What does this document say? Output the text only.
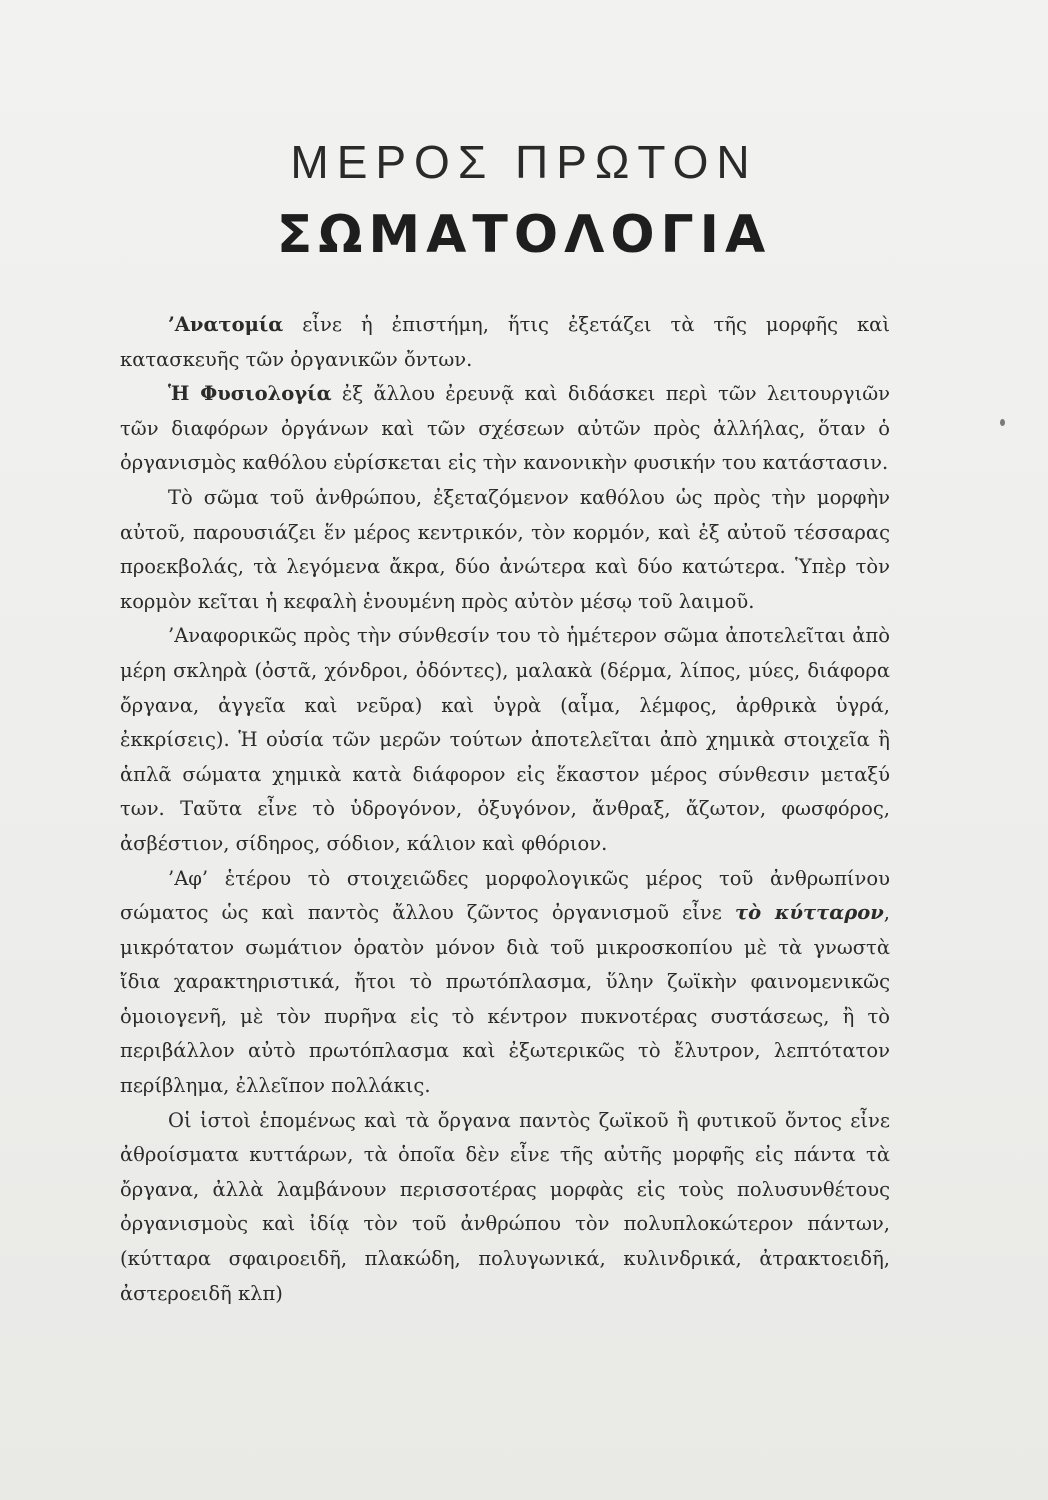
ΜΕΡΟΣ ΠΡΩΤΟΝ
ΣΩΜΑΤΟΛΟΓΙΑ

’Ανατομία εἶνε ἡ ἐπιστήμη, ἥτις ἐξετάζει τὰ τῆς μορφῆς καὶ κατασκευῆς τῶν ὀργανικῶν ὄντων.

Ἡ Φυσιολογία ἐξ ἄλλου ἐρευνᾷ καὶ διδάσκει περὶ τῶν λειτουργιῶν τῶν διαφόρων ὀργάνων καὶ τῶν σχέσεων αὐτῶν πρὸς ἀλλήλας, ὅταν ὁ ὀργανισμὸς καθόλου εὑρίσκεται εἰς τὴν κανονικὴν φυσικήν του κατάστασιν.

Τὸ σῶμα τοῦ ἀνθρώπου, ἐξεταζόμενον καθόλου ὡς πρὸς τὴν μορφὴν αὐτοῦ, παρουσιάζει ἕν μέρος κεντρικόν, τὸν κορμόν, καὶ ἐξ αὐτοῦ τέσσαρας προεκβολάς, τὰ λεγόμενα ἄκρα, δύο ἀνώτερα καὶ δύο κατώτερα. Ὑπὲρ τὸν κορμὸν κεῖται ἡ κεφαλὴ ἑνουμένη πρὸς αὐτὸν μέσῳ τοῦ λαιμοῦ.

’Αναφορικῶς πρὸς τὴν σύνθεσίν του τὸ ἡμέτερον σῶμα ἀποτελεῖται ἀπὸ μέρη σκληρὰ (ὀστᾶ, χόνδροι, ὀδόντες), μαλακὰ (δέρμα, λίπος, μύες, διάφορα ὄργανα, ἀγγεῖα καὶ νεῦρα) καὶ ὑγρὰ (αἷμα, λέμφος, ἀρθρικὰ ὑγρά, ἐκκρίσεις). Ἡ οὐσία τῶν μερῶν τούτων ἀποτελεῖται ἀπὸ χημικὰ στοιχεῖα ἢ ἁπλᾶ σώματα χημικὰ κατὰ διάφορον εἰς ἕκαστον μέρος σύνθεσιν μεταξύ των. Ταῦτα εἶνε τὸ ὑδρογόνον, ὀξυγόνον, ἄνθραξ, ἄζωτον, φωσφόρος, ἀσβέστιον, σίδηρος, σόδιον, κάλιον καὶ φθόριον.

’Αφ’ ἑτέρου τὸ στοιχειῶδες μορφολογικῶς μέρος τοῦ ἀνθρωπίνου σώματος ὡς καὶ παντὸς ἄλλου ζῶντος ὀργανισμοῦ εἶνε τὸ κύτταρον, μικρότατον σωμάτιον ὁρατὸν μόνον διὰ τοῦ μικροσκοπίου μὲ τὰ γνωστὰ ἴδια χαρακτηριστικά, ἤτοι τὸ πρωτόπλασμα, ὕλην ζωϊκὴν φαινομενικῶς ὁμοιογενῆ, μὲ τὸν πυρῆνα εἰς τὸ κέντρον πυκνοτέρας συστάσεως, ἢ τὸ περιβάλλον αὐτὸ πρωτόπλασμα καὶ ἐξωτερικῶς τὸ ἔλυτρον, λεπτότατον περίβλημα, ἐλλεῖπον πολλάκις.

Οἱ ἱστοὶ ἑπομένως καὶ τὰ ὄργανα παντὸς ζωϊκοῦ ἢ φυτικοῦ ὄντος εἶνε ἀθροίσματα κυττάρων, τὰ ὁποῖα δὲν εἶνε τῆς αὐτῆς μορφῆς εἰς πάντα τὰ ὄργανα, ἀλλὰ λαμβάνουν περισσοτέρας μορφὰς εἰς τοὺς πολυσυνθέτους ὀργανισμοὺς καὶ ἰδίᾳ τὸν τοῦ ἀνθρώπου τὸν πολυπλοκώτερον πάντων, (κύτταρα σφαιροειδῆ, πλακώδη, πολυγωνικά, κυλινδρικά, ἀτρακτοειδῆ, ἀστεροειδῆ κλπ)
